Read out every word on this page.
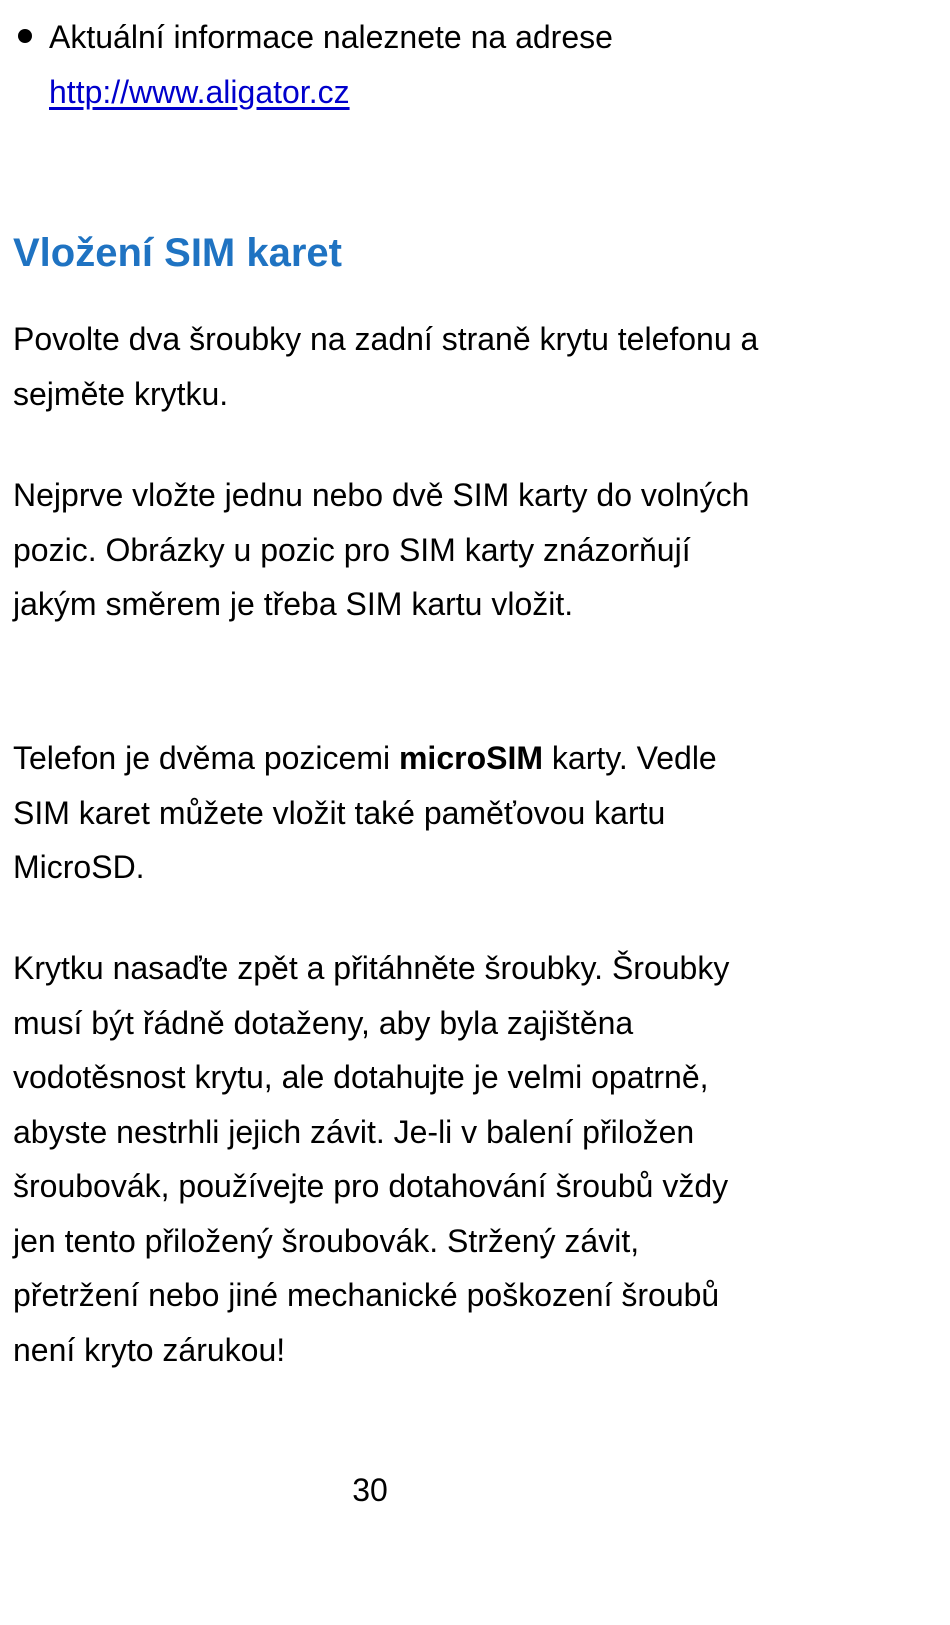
Aktuální informace naleznete na adrese
http://www.aligator.cz
Vložení SIM karet

Povolte dva šroubky na zadní straně krytu telefonu a sejměte krytku.

Nejprve vložte jednu nebo dvě SIM karty do volných pozic. Obrázky u pozic pro SIM karty znázorňují jakým směrem je třeba SIM kartu vložit.

Telefon je dvěma pozicemi microSIM karty. Vedle SIM karet můžete vložit také paměťovou kartu MicroSD.

Krytku nasaďte zpět a přitáhněte šroubky. Šroubky musí být řádně dotaženy, aby byla zajištěna vodotěsnost krytu, ale dotahujte je velmi opatrně, abyste nestrhli jejich závit. Je-li v balení přiložen šroubovák, používejte pro dotahování šroubů vždy jen tento přiložený šroubovák. Stržený závit, přetržení nebo jiné mechanické poškození šroubů není kryto zárukou!

30
